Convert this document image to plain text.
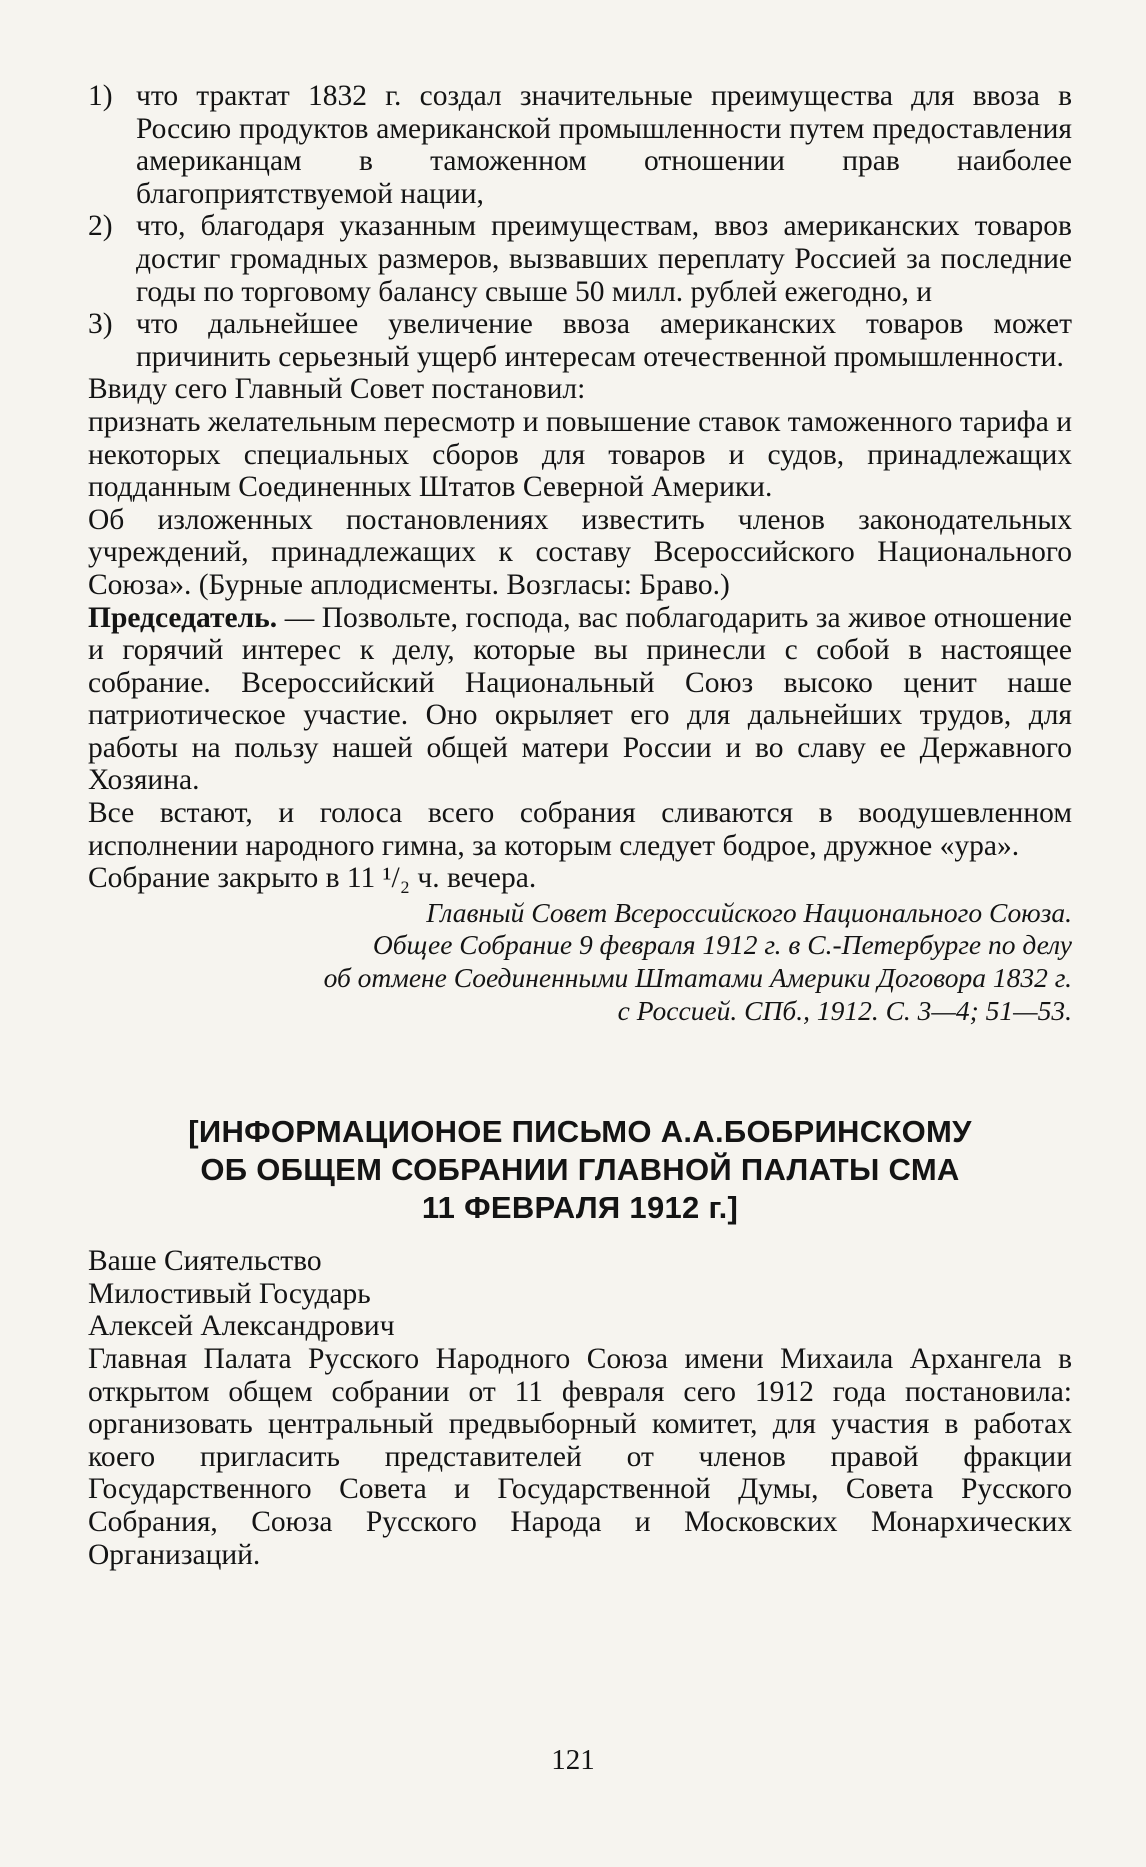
1) что трактат 1832 г. создал значительные преимущества для ввоза в Россию продуктов американской промышленности путем предоставления американцам в таможенном отношении прав наиболее благоприятствуемой нации,
2) что, благодаря указанным преимуществам, ввоз американских товаров достиг громадных размеров, вызвавших переплату Россией за последние годы по торговому балансу свыше 50 милл. рублей ежегодно, и
3) что дальнейшее увеличение ввоза американских товаров может причинить серьезный ущерб интересам отечественной промышленности.

Ввиду сего Главный Совет постановил:

признать желательным пересмотр и повышение ставок таможенного тарифа и некоторых специальных сборов для товаров и судов, принадлежащих подданным Соединенных Штатов Северной Америки.

Об изложенных постановлениях известить членов законодательных учреждений, принадлежащих к составу Всероссийского Национального Союза». (Бурные аплодисменты. Возгласы: Браво.)

Председатель. — Позвольте, господа, вас поблагодарить за живое отношение и горячий интерес к делу, которые вы принесли с собой в настоящее собрание. Всероссийский Национальный Союз высоко ценит наше патриотическое участие. Оно окрыляет его для дальнейших трудов, для работы на пользу нашей общей матери России и во славу ее Державного Хозяина.

Все встают, и голоса всего собрания сливаются в воодушевленном исполнении народного гимна, за которым следует бодрое, дружное «ура».

Собрание закрыто в 11 ¹/₂ ч. вечера.

Главный Совет Всероссийского Национального Союза.
Общее Собрание 9 февраля 1912 г. в С.-Петербурге по делу
об отмене Соединенными Штатами Америки Договора 1832 г.
с Россией. СПб., 1912. С. 3—4; 51—53.
[ИНФОРМАЦИОНОЕ ПИСЬМО А.А.БОБРИНСКОМУ
ОБ ОБЩЕМ СОБРАНИИ ГЛАВНОЙ ПАЛАТЫ СМА
11 ФЕВРАЛЯ 1912 г.]
Ваше Сиятельство
Милостивый Государь
Алексей Александрович

Главная Палата Русского Народного Союза имени Михаила Архангела в открытом общем собрании от 11 февраля сего 1912 года постановила: организовать центральный предвыборный комитет, для участия в работах коего пригласить представителей от членов правой фракции Государственного Совета и Государственной Думы, Совета Русского Собрания, Союза Русского Народа и Московских Монархических Организаций.

121
